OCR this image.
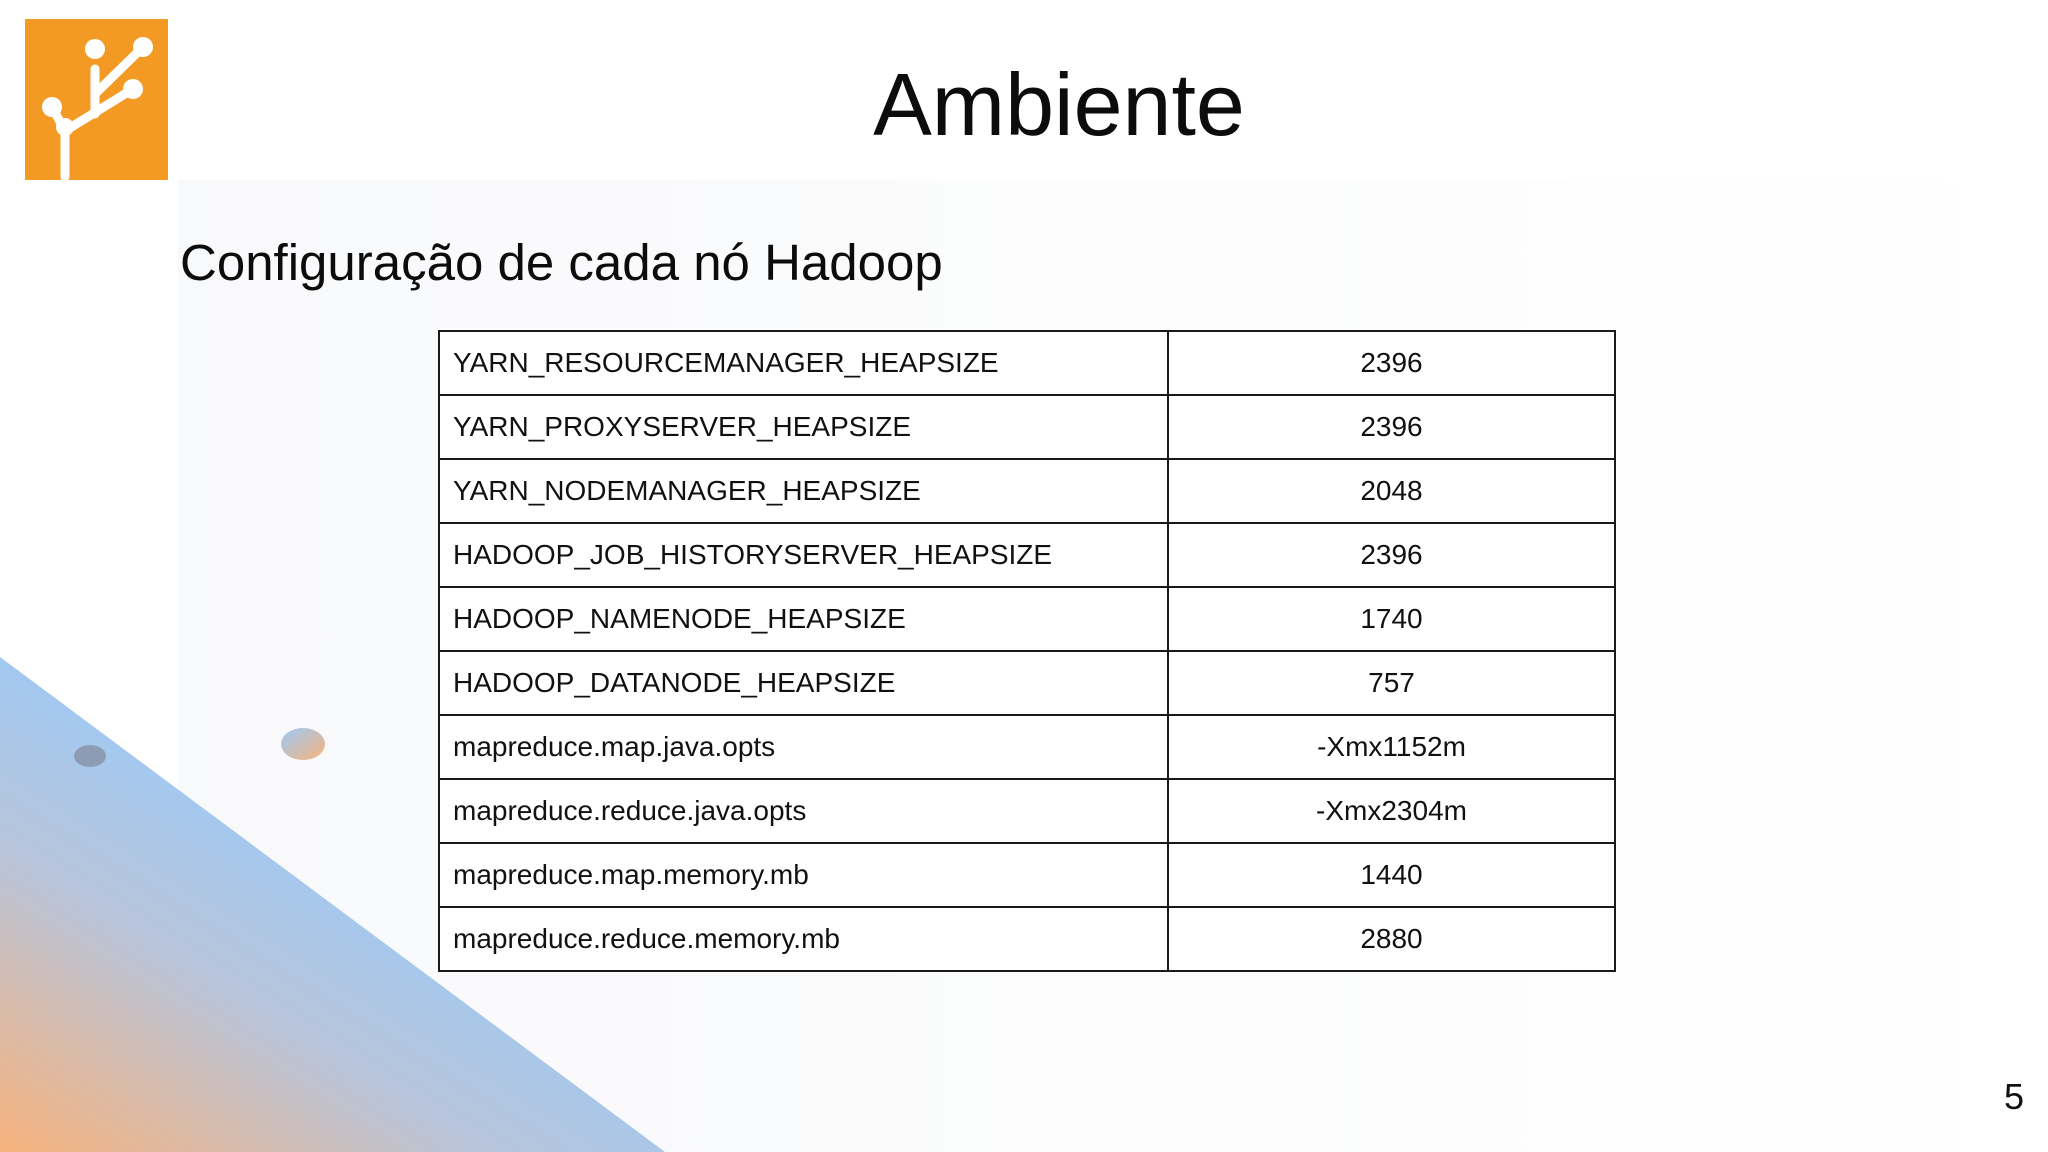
Ambiente
Configuração de cada nó Hadoop
YARN_RESOURCEMANAGER_HEAPSIZE	2396
YARN_PROXYSERVER_HEAPSIZE	2396
YARN_NODEMANAGER_HEAPSIZE	2048
HADOOP_JOB_HISTORYSERVER_HEAPSIZE	2396
HADOOP_NAMENODE_HEAPSIZE	1740
HADOOP_DATANODE_HEAPSIZE	757
mapreduce.map.java.opts	-Xmx1152m
mapreduce.reduce.java.opts	-Xmx2304m
mapreduce.map.memory.mb	1440
mapreduce.reduce.memory.mb	2880
5
